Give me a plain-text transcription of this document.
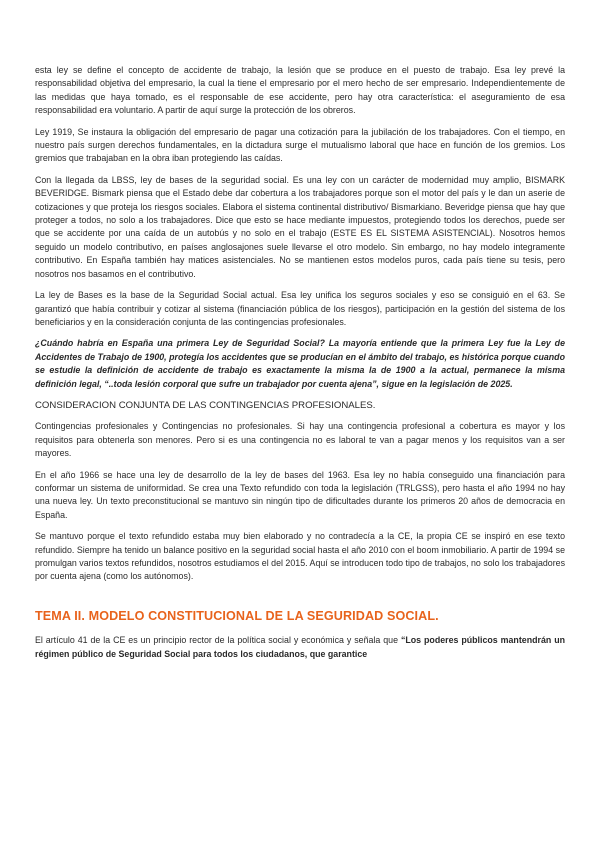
esta ley se define el concepto de accidente de trabajo, la lesión que se produce en el puesto de trabajo. Esa ley prevé la responsabilidad objetiva del empresario, la cual la tiene el empresario por el mero hecho de ser empresario. Independientemente de las medidas que haya tomado, es el responsable de ese accidente, pero hay otra característica: el aseguramiento de esa responsabilidad era voluntario. A partir de aquí surge la protección de los obreros.

Ley 1919, Se instaura la obligación del empresario de pagar una cotización para la jubilación de los trabajadores. Con el tiempo, en nuestro país surgen derechos fundamentales, en la dictadura surge el mutualismo laboral que hace en función de los gremios. Los gremios que trabajaban en la obra iban protegiendo las caídas.

Con la llegada da LBSS, ley de bases de la seguridad social. Es una ley con un carácter de modernidad muy amplio, BISMARK BEVERIDGE. Bismark piensa que el Estado debe dar cobertura a los trabajadores porque son el motor del país y le dan un aserie de cotizaciones y que proteja los riesgos sociales. Elabora el sistema continental distributivo/ Bismarkiano. Beveridge piensa que hay que proteger a todos, no solo a los trabajadores. Dice que esto se hace mediante impuestos, protegiendo todos los derechos, puede ser que se accidente por una caída de un autobús y no solo en el trabajo (ESTE ES EL SISTEMA ASISTENCIAL). Nosotros hemos seguido un modelo contributivo, en países anglosajones suele llevarse el otro modelo. Sin embargo, no hay modelo integramente contributivo. En España también hay matices asistenciales. No se mantienen estos modelos puros, cada país tiene su tesis, pero nosotros nos basamos en el contributivo.

La ley de Bases es la base de la Seguridad Social actual. Esa ley unifica los seguros sociales y eso se consiguió en el 63. Se garantizó que había contribuir y cotizar al sistema (financiación pública de los riesgos), participación en la gestión del sistema de los beneficiarios y en la consideración conjunta de las contingencias profesionales.

¿Cuándo habría en España una primera Ley de Seguridad Social? La mayoría entiende que la primera Ley fue la Ley de Accidentes de Trabajo de 1900, protegía los accidentes que se producían en el ámbito del trabajo, es histórica porque cuando se estudie la definición de accidente de trabajo es exactamente la misma la de 1900 a la actual, permanece la misma definición legal, “..toda lesión corporal que sufre un trabajador por cuenta ajena”, sigue en la legislación de 2025.

CONSIDERACION CONJUNTA DE LAS CONTINGENCIAS PROFESIONALES.

Contingencias profesionales y Contingencias no profesionales. Si hay una contingencia profesional a cobertura es mayor y los requisitos para obtenerla son menores. Pero si es una contingencia no es laboral te van a pagar menos y los requisitos van a ser mayores.

En el año 1966 se hace una ley de desarrollo de la ley de bases del 1963. Esa ley no había conseguido una financiación para conformar un sistema de uniformidad. Se crea una Texto refundido con toda la legislación (TRLGSS), pero hasta el año 1994 no hay una nueva ley. Un texto preconstitucional se mantuvo sin ningún tipo de dificultades durante los primeros 20 años de democracia en España.

Se mantuvo porque el texto refundido estaba muy bien elaborado y no contradecía a la CE, la propia CE se inspiró en ese texto refundido. Siempre ha tenido un balance positivo en la seguridad social hasta el año 2010 con el boom inmobiliario. A partir de 1994 se promulgan varios textos refundidos, nosotros estudiamos el del 2015. Aquí se introducen todo tipo de trabajos, no solo los trabajadores por cuenta ajena (como los autónomos).

TEMA II. MODELO CONSTITUCIONAL DE LA SEGURIDAD SOCIAL.

El artículo 41 de la CE es un principio rector de la política social y económica y señala que “Los poderes públicos mantendrán un régimen público de Seguridad Social para todos los ciudadanos, que garantice
